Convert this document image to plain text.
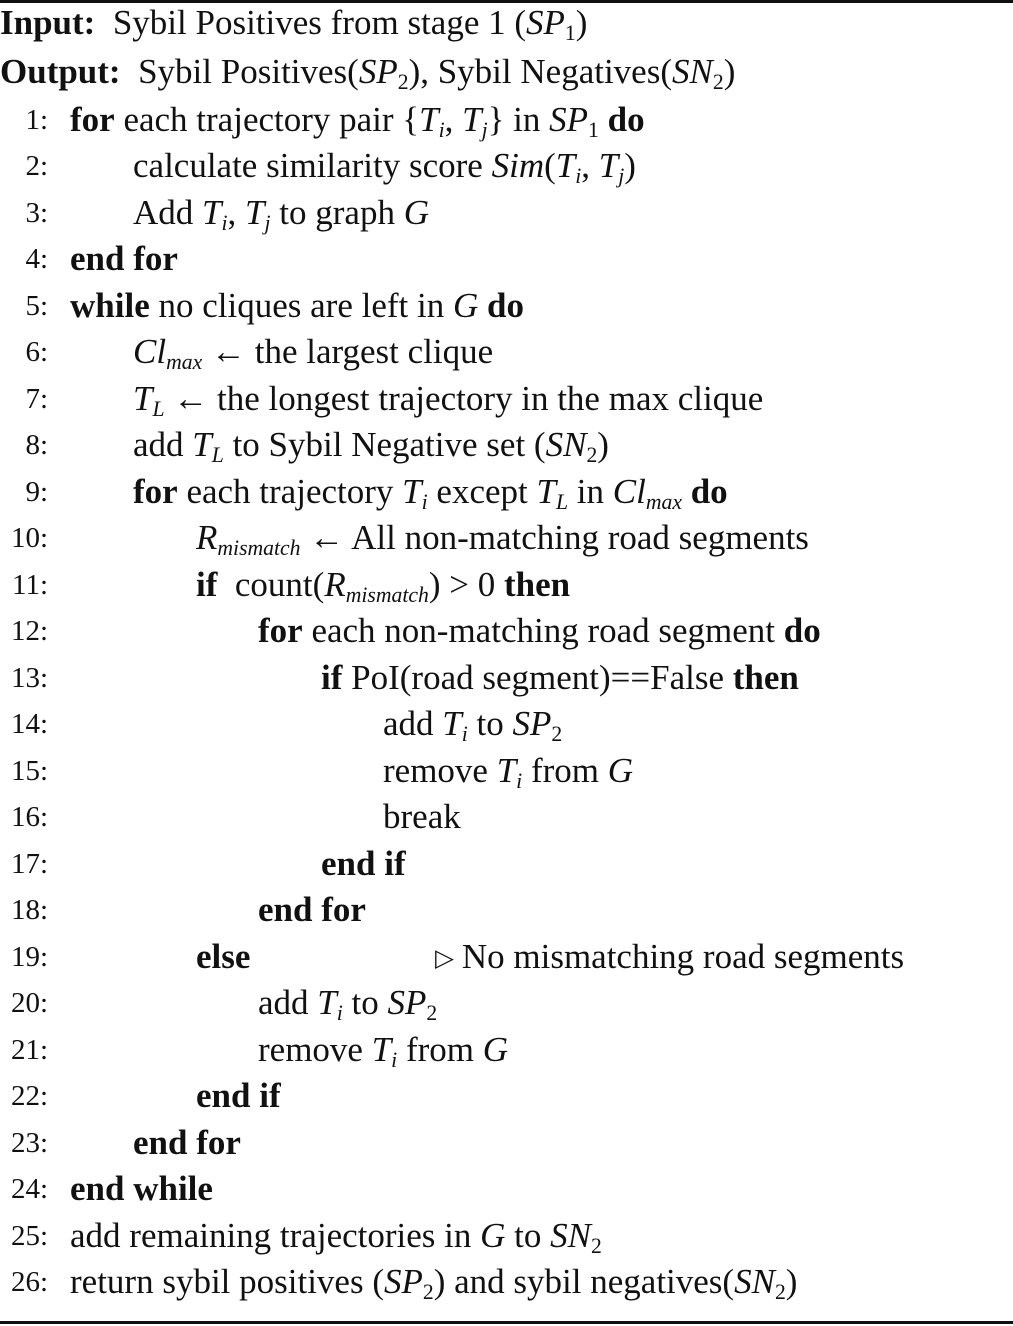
Input: Sybil Positives from stage 1 $(SP_1)$
Output: Sybil $Positives(SP_2)$, Sybil $Negatives(SN_2)$
1: for each trajectory pair {$T_i$, $T_j$} in $SP_1$ do
2: calculate similarity score $Sim(T_i$, $T_j$)
3: Add $T_i$, $T_j$ to graph G
4: end for
5: while no cliques are left in G do
6: $Cl_{max}$ ← the largest clique
7: $T_L$ ← the longest trajectory in the max clique
8: add $T_L$ to Sybil Negative set $(SN_2)$
9: for each trajectory $T_i$ except $T_L$ in $Cl_{max}$ do
10:	$R_{mismatch}$ ← All non-matching road segments
11:	if  $count(R_{mismatch}) > 0$ then
12:	for each non-matching road segment do
13:	if PoI(road segment)==False then
14:	add $T_i$ to $SP_2$
15:	remove $T_i$ from G
16:	break
17:	end if
18:	end for
19:	else	▷ No mismatching road segments
20:	add $T_i$ to $SP_2$
21:	remove $T_i$ from G
22:	end if
23: end for
24: end while
25: add remaining trajectories in G to $SN_2$
26: return sybil positives $(SP_2)$ and sybil $negatives(SN_2)$
